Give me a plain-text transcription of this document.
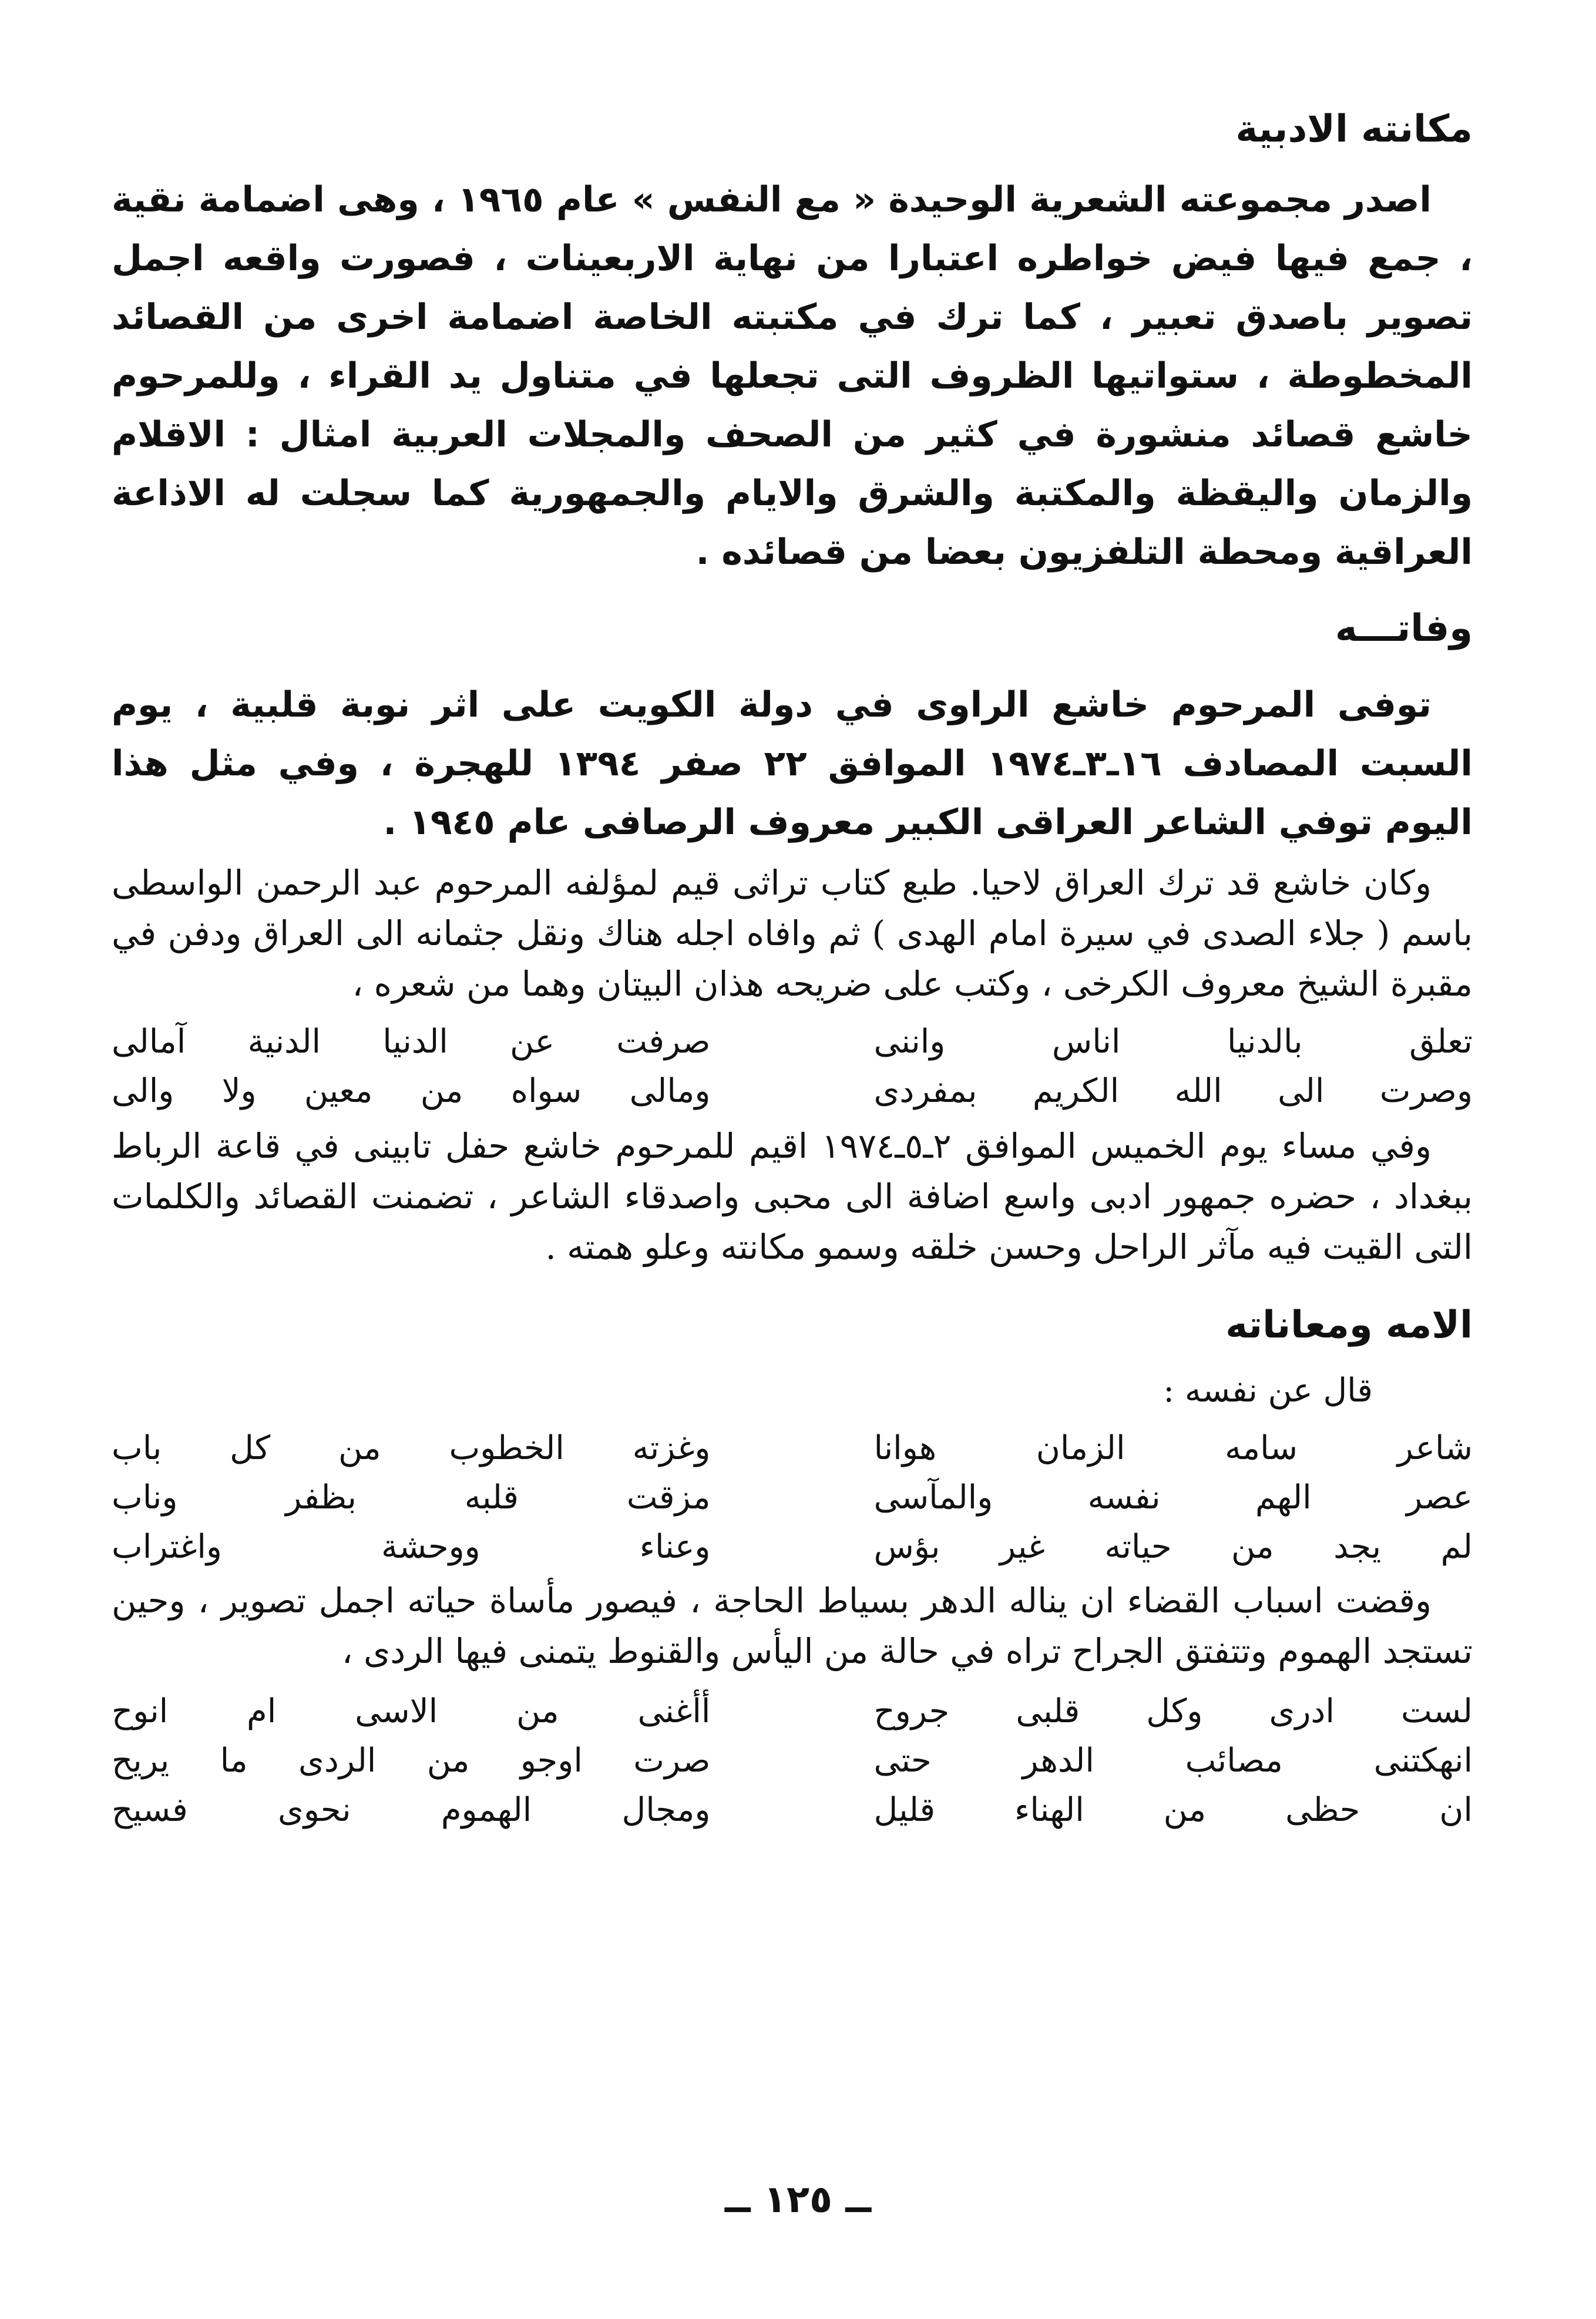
مكانته الادبية

اصدر مجموعته الشعرية الوحيدة « مع النفس » عام ١٩٦٥ ، وهى اضمامة نقية ، جمع فيها فيض خواطره اعتبارا من نهاية الاربعينات ، فصورت واقعه اجمل تصوير باصدق تعبير ، كما ترك في مكتبته الخاصة اضمامة اخرى من القصائد المخطوطة ، ستواتيها الظروف التى تجعلها في متناول يد القراء ، وللمرحوم خاشع قصائد منشورة في كثير من الصحف والمجلات العربية امثال : الاقلام والزمان واليقظة والمكتبة والشرق والايام والجمهورية كما سجلت له الاذاعة العراقية ومحطة التلفزيون بعضا من قصائده .

وفاتـــه

توفى المرحوم خاشع الراوى في دولة الكويت على اثر نوبة قلبية ، يوم السبت المصادف ١٦ـ٣ـ١٩٧٤ الموافق ٢٢ صفر ١٣٩٤ للهجرة ، وفي مثل هذا اليوم توفي الشاعر العراقى الكبير معروف الرصافى عام ١٩٤٥ .

وكان خاشع قد ترك العراق لاحيا. طبع كتاب تراثى قيم لمؤلفه المرحوم عبد الرحمن الواسطى باسم ( جلاء الصدى في سيرة امام الهدى ) ثم وافاه اجله هناك ونقل جثمانه الى العراق ودفن في مقبرة الشيخ معروف الكرخى ، وكتب على ضريحه هذان البيتان وهما من شعره ،

تعلق بالدنيا اناس واننى
صرفت عن الدنيا الدنية آمالى
وصرت الى الله الكريم بمفردى
ومالى سواه من معين ولا والى

وفي مساء يوم الخميس الموافق ٢ـ٥ـ١٩٧٤ اقيم للمرحوم خاشع حفل تابينى في قاعة الرباط ببغداد ، حضره جمهور ادبى واسع اضافة الى محبى واصدقاء الشاعر ، تضمنت القصائد والكلمات التى القيت فيه مآثر الراحل وحسن خلقه وسمو مكانته وعلو همته .

الامه ومعاناته

قال عن نفسه :

شاعر سامه الزمان هوانا
وغزته الخطوب من كل باب
عصر الهم نفسه والمآسى
مزقت قلبه بظفر وناب
لم يجد من حياته غير بؤس
وعناء ووحشة واغتراب

وقضت اسباب القضاء ان يناله الدهر بسياط الحاجة ، فيصور مأساة حياته اجمل تصوير ، وحين تستجد الهموم وتتفتق الجراح تراه في حالة من اليأس والقنوط يتمنى فيها الردى ،

لست ادرى وكل قلبى جروح
أأغنى من الاسى ام انوح
انهكتنى مصائب الدهر حتى
صرت اوجو من الردى ما يريح
ان حظى من الهناء قليل
ومجال الهموم نحوى فسيح
ــ ١٢٥ ــ
